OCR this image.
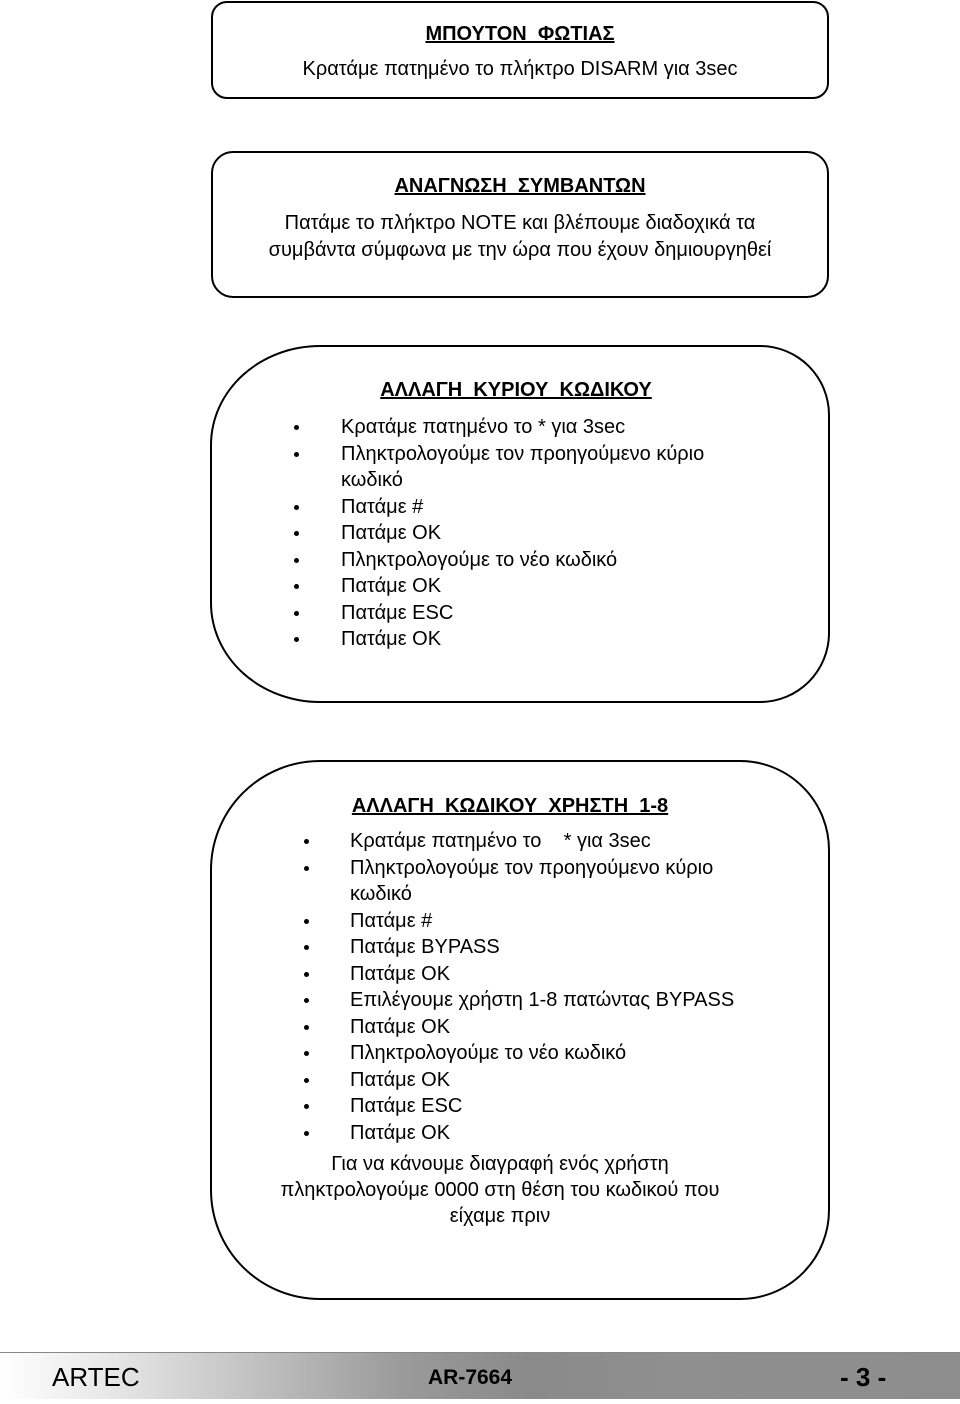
ΜΠΟΥΤΟΝ  ΦΩΤΙΑΣ
Κρατάμε πατημένο το πλήκτρο DISARM για 3sec
ΑΝΑΓΝΩΣΗ  ΣΥΜΒΑΝΤΩΝ
Πατάμε το πλήκτρο NOTE και βλέπουμε διαδοχικά τα
συμβάντα σύμφωνα με την ώρα που έχουν δημιουργηθεί
ΑΛΛΑΓΗ  ΚΥΡΙΟΥ  ΚΩΔΙΚΟΥ
Κρατάμε πατημένο το * για 3sec
Πληκτρολογούμε τον προηγούμενο κύριο
κωδικό
Πατάμε #
Πατάμε ΟΚ
Πληκτρολογούμε το νέο κωδικό
Πατάμε ΟΚ
Πατάμε ESC
Πατάμε ΟΚ
ΑΛΛΑΓΗ  ΚΩΔΙΚΟΥ  ΧΡΗΣΤΗ  1-8
Κρατάμε πατημένο το    * για 3sec
Πληκτρολογούμε τον προηγούμενο κύριο
κωδικό
Πατάμε #
Πατάμε BYPASS
Πατάμε ΟΚ
Επιλέγουμε χρήστη 1-8 πατώντας BYPASS
Πατάμε ΟΚ
Πληκτρολογούμε το νέο κωδικό
Πατάμε ΟΚ
Πατάμε ESC
Πατάμε ΟΚ
Για να κάνουμε διαγραφή ενός χρήστη
πληκτρολογούμε 0000 στη θέση του κωδικού που
είχαμε πριν
ARTEC	AR-7664	- 3 -
